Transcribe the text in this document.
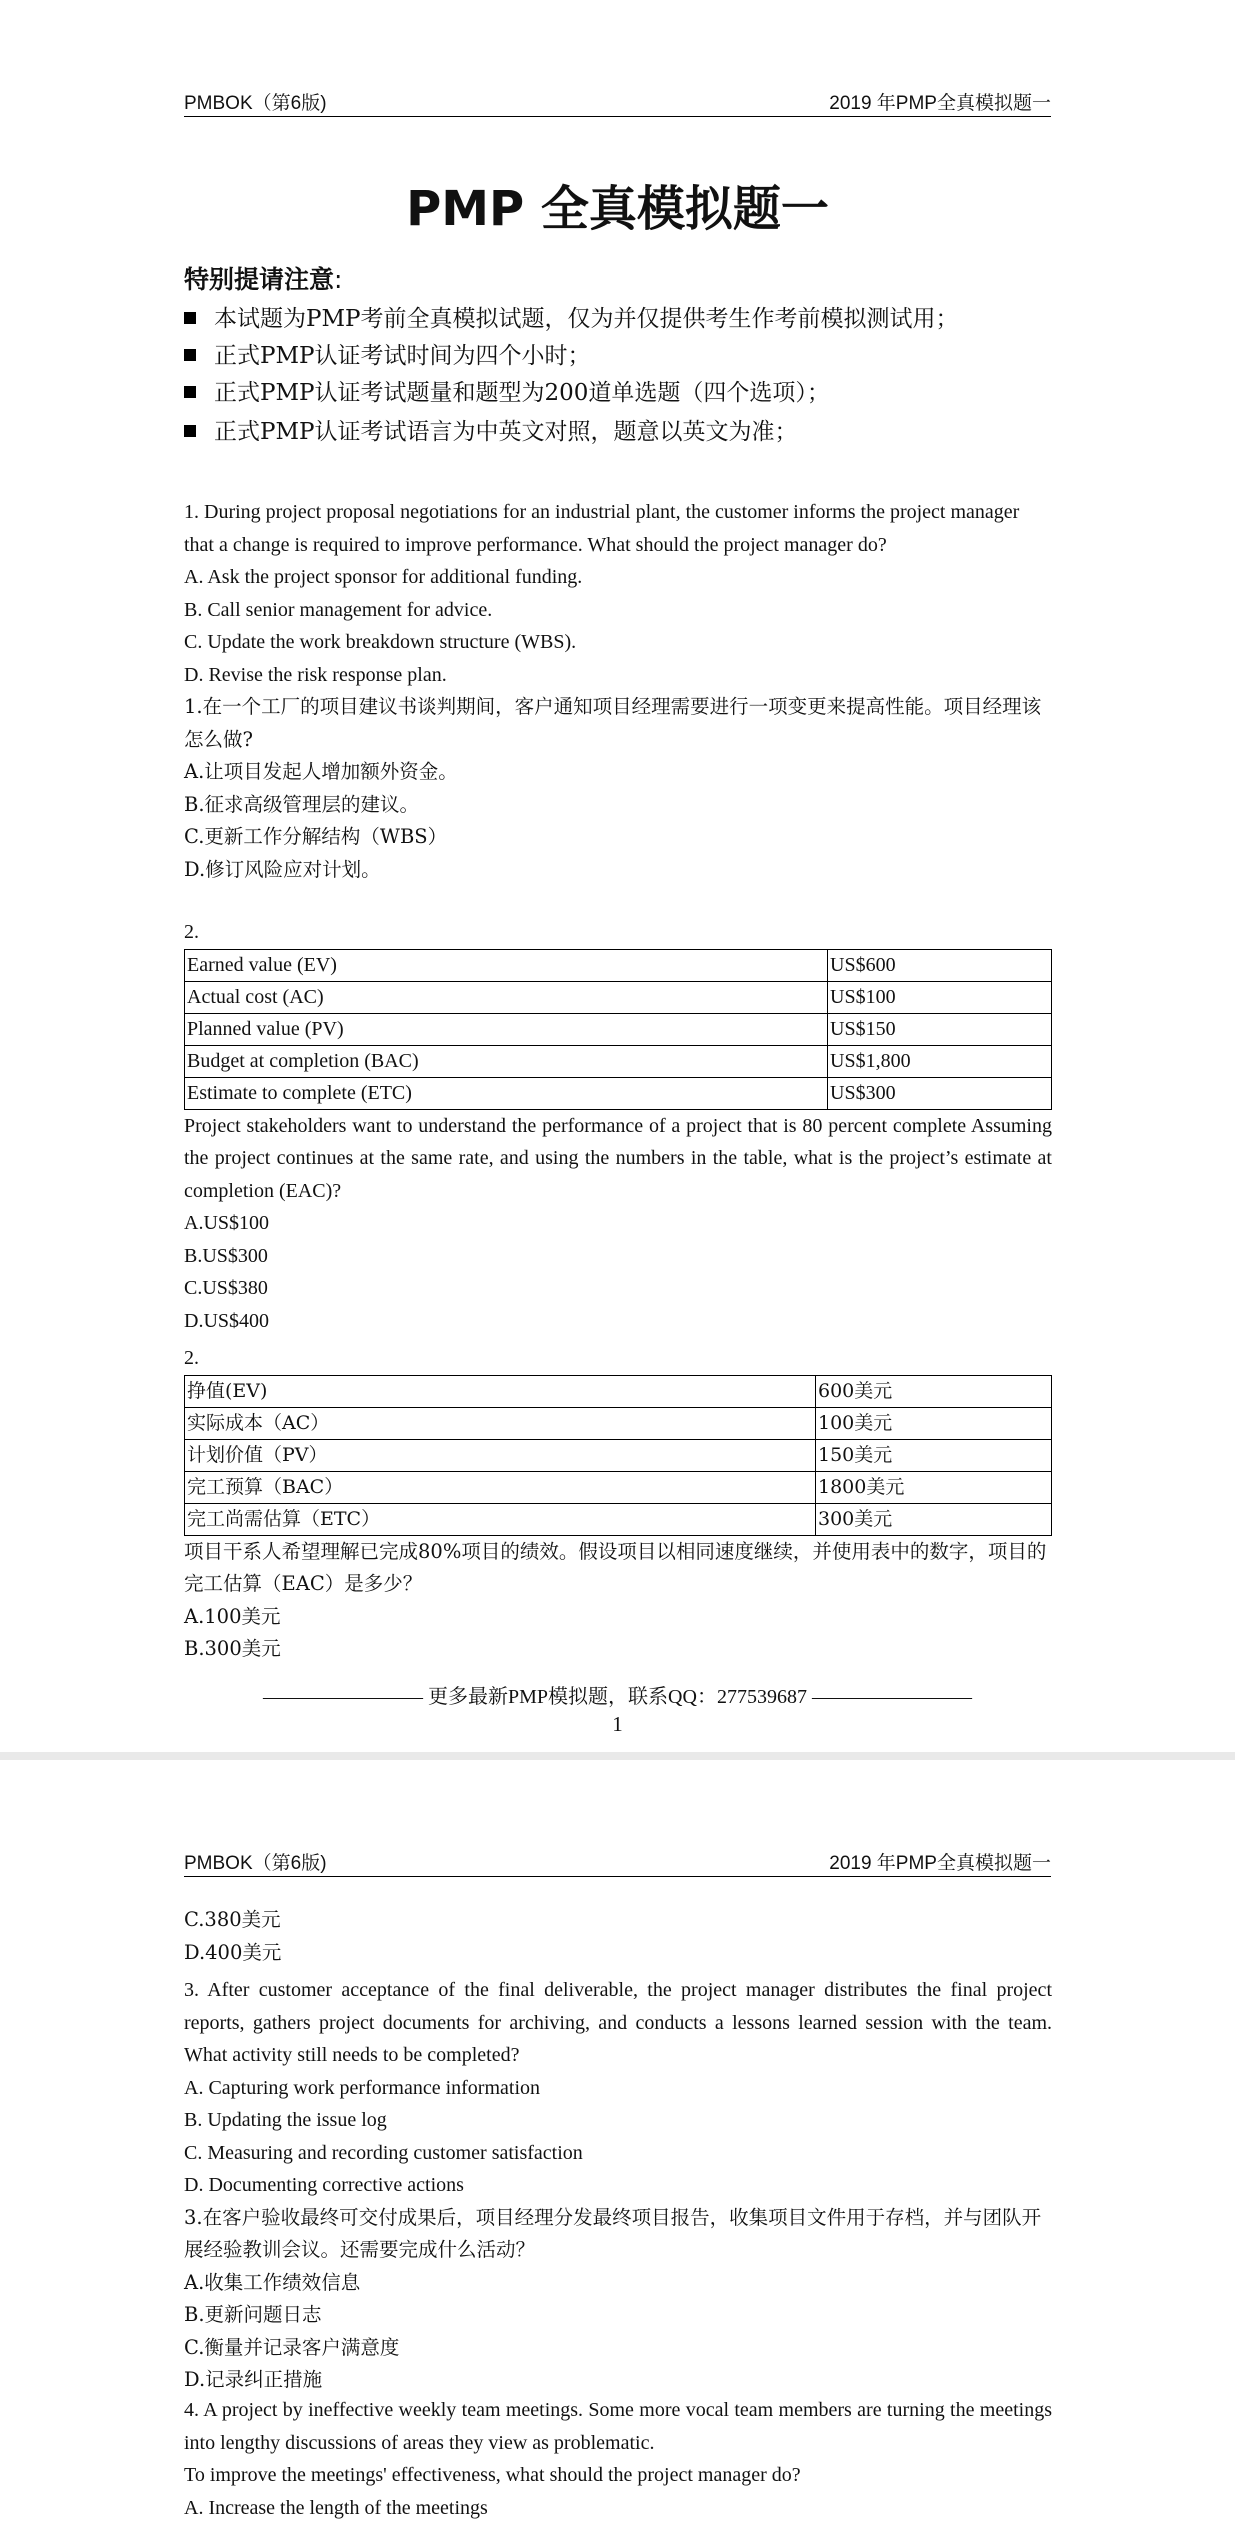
PMBOK（第6版)	2019 年PMP全真模拟题一
PMP 全真模拟题一
特别提请注意:
本试题为PMP考前全真模拟试题，仅为并仅提供考生作考前模拟测试用；
正式PMP认证考试时间为四个小时；
正式PMP认证考试题量和题型为200道单选题（四个选项）；
正式PMP认证考试语言为中英文对照，题意以英文为准；

1. During project proposal negotiations for an industrial plant, the customer informs the project manager that a change is required to improve performance. What should the project manager do?

A. Ask the project sponsor for additional funding.

B. Call senior management for advice.

C. Update the work breakdown structure (WBS).

D. Revise the risk response plan.

1.在一个工厂的项目建议书谈判期间，客户通知项目经理需要进行一项变更来提高性能。项目经理该怎么做?

A.让项目发起人增加额外资金。

B.征求高级管理层的建议。

C.更新工作分解结构（WBS）

D.修订风险应对计划。

2.

Earned value (EV)	US$600
Actual cost (AC)	US$100
Planned value (PV)	US$150
Budget at completion (BAC)	US$1,800
Estimate to complete (ETC)	US$300

Project stakeholders want to understand the performance of a project that is 80 percent complete Assuming the project continues at the same rate, and using the numbers in the table, what is the project’s estimate at completion (EAC)?

A.US$100

B.US$300

C.US$380

D.US$400

2.

挣值(EV)	600美元
实际成本（AC）	100美元
计划价值（PV）	150美元
完工预算（BAC）	1800美元
完工尚需估算（ETC）	300美元

项目干系人希望理解已完成80%项目的绩效。假设项目以相同速度继续，并使用表中的数字，项目的完工估算（EAC）是多少？

A.100美元

B.300美元

———————— 更多最新PMP模拟题，联系QQ：277539687 ————————
1
PMBOK（第6版)	2019 年PMP全真模拟题一

C.380美元

D.400美元

3. After customer acceptance of the final deliverable, the project manager distributes the final project reports, gathers project documents for archiving, and conducts a lessons learned session with the team. What activity still needs to be completed?

A. Capturing work performance information

B. Updating the issue log

C. Measuring and recording customer satisfaction

D. Documenting corrective actions

3.在客户验收最终可交付成果后，项目经理分发最终项目报告，收集项目文件用于存档，并与团队开展经验教训会议。还需要完成什么活动？

A.收集工作绩效信息

B.更新问题日志

C.衡量并记录客户满意度

D.记录纠正措施

4. A project by ineffective weekly team meetings. Some more vocal team members are turning the meetings into lengthy discussions of areas they view as problematic.

To improve the meetings' effectiveness, what should the project manager do?

A. Increase the length of the meetings
